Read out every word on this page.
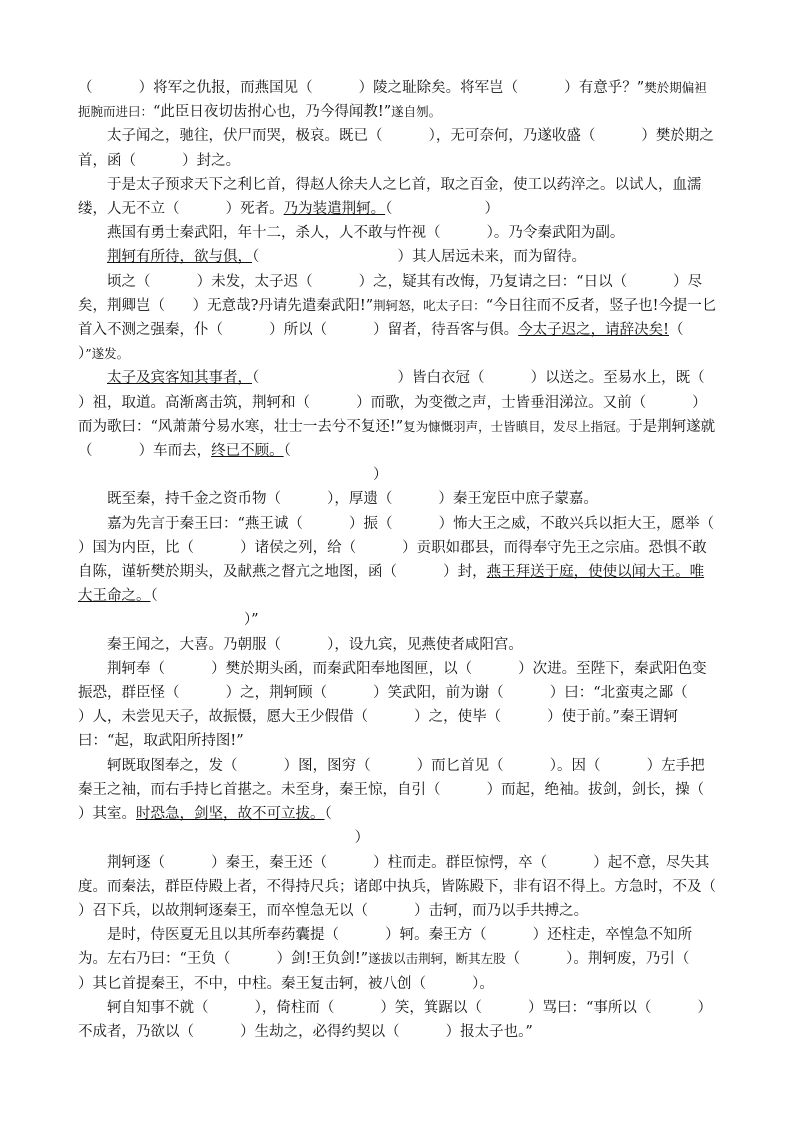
（          ）将军之仇报，而燕国见（          ）陵之耻除矣。将军岂（          ）有意乎？”樊於期偏袒扼腕而进曰：“此臣日夜切齿拊心也，乃今得闻教!”遂自刎。

太子闻之，驰往，伏尸而哭，极哀。既已（          ），无可奈何，乃遂收盛（          ）樊於期之首，函（          ）封之。

于是太子预求天下之利匕首，得赵人徐夫人之匕首，取之百金，使工以药淬之。以试人，血濡缕，人无不立（          ）死者。乃为装遣荆轲。（                    ）

燕国有勇士秦武阳，年十二，杀人，人不敢与忤视（          ）。乃令秦武阳为副。

荆轲有所待，欲与俱，（                              ）其人居远未来，而为留待。

顷之（          ）未发，太子迟（          ）之，疑其有改悔，乃复请之曰：“日以（          ）尽矣，荆卿岂（      ）无意哉?丹请先遣秦武阳!”荆轲怒，叱太子曰：“今日往而不反者，竖子也!今提一匕首入不测之强秦，仆（          ）所以（          ）留者，待吾客与俱。今太子迟之，请辞决矣!（                        ）”遂发。

太子及宾客知其事者，（                              ）皆白衣冠（          ）以送之。至易水上，既（          ）祖，取道。高渐离击筑，荆轲和（          ）而歌，为变徵之声，士皆垂泪涕泣。又前（          ）而为歌曰：“风萧萧兮易水寒，壮士一去兮不复还!”复为慷慨羽声，士皆瞋目，发尽上指冠。于是荆轲遂就（          ）车而去，终已不顾。（
）

既至秦，持千金之资币物（          ），厚遗（          ）秦王宠臣中庶子蒙嘉。

嘉为先言于秦王曰：“燕王诚（          ）振（          ）怖大王之威，不敢兴兵以拒大王，愿举（          ）国为内臣，比（          ）诸侯之列，给（          ）贡职如郡县，而得奉守先王之宗庙。恐惧不敢自陈，谨斩樊於期头，及献燕之督亢之地图，函（          ）封，燕王拜送于庭，使使以闻大王。唯大王命之。（
）”

秦王闻之，大喜。乃朝服（          ），设九宾，见燕使者咸阳宫。

荆轲奉（          ）樊於期头函，而秦武阳奉地图匣，以（          ）次进。至陛下，秦武阳色变振恐，群臣怪（          ）之，荆轲顾（          ）笑武阳，前为谢（          ）曰：“北蛮夷之鄙（          ）人，未尝见天子，故振慑，愿大王少假借（          ）之，使毕（          ）使于前。”秦王谓轲曰：“起，取武阳所持图!”

轲既取图奉之，发（          ）图，图穷（          ）而匕首见（          ）。因（          ）左手把秦王之袖，而右手持匕首揕之。未至身，秦王惊，自引（          ）而起，绝袖。拔剑，剑长，操（          ）其室。时恐急，剑坚，故不可立拔。（
）

荆轲逐（          ）秦王，秦王还（          ）柱而走。群臣惊愕，卒（          ）起不意，尽失其度。而秦法，群臣侍殿上者，不得持尺兵；诸郎中执兵，皆陈殿下，非有诏不得上。方急时，不及（          ）召下兵，以故荆轲逐秦王，而卒惶急无以（          ）击轲，而乃以手共搏之。

是时，侍医夏无且以其所奉药囊提（          ）轲。秦王方（          ）还柱走，卒惶急不知所为。左右乃曰：“王负（          ）剑!王负剑!”遂拔以击荆轲，断其左股（          ）。荆轲废，乃引（          ）其匕首提秦王，不中，中柱。秦王复击轲，被八创（          ）。

轲自知事不就（          ），倚柱而（          ）笑，箕踞以（          ）骂曰：“事所以（          ）不成者，乃欲以（          ）生劫之，必得约契以（          ）报太子也。”
